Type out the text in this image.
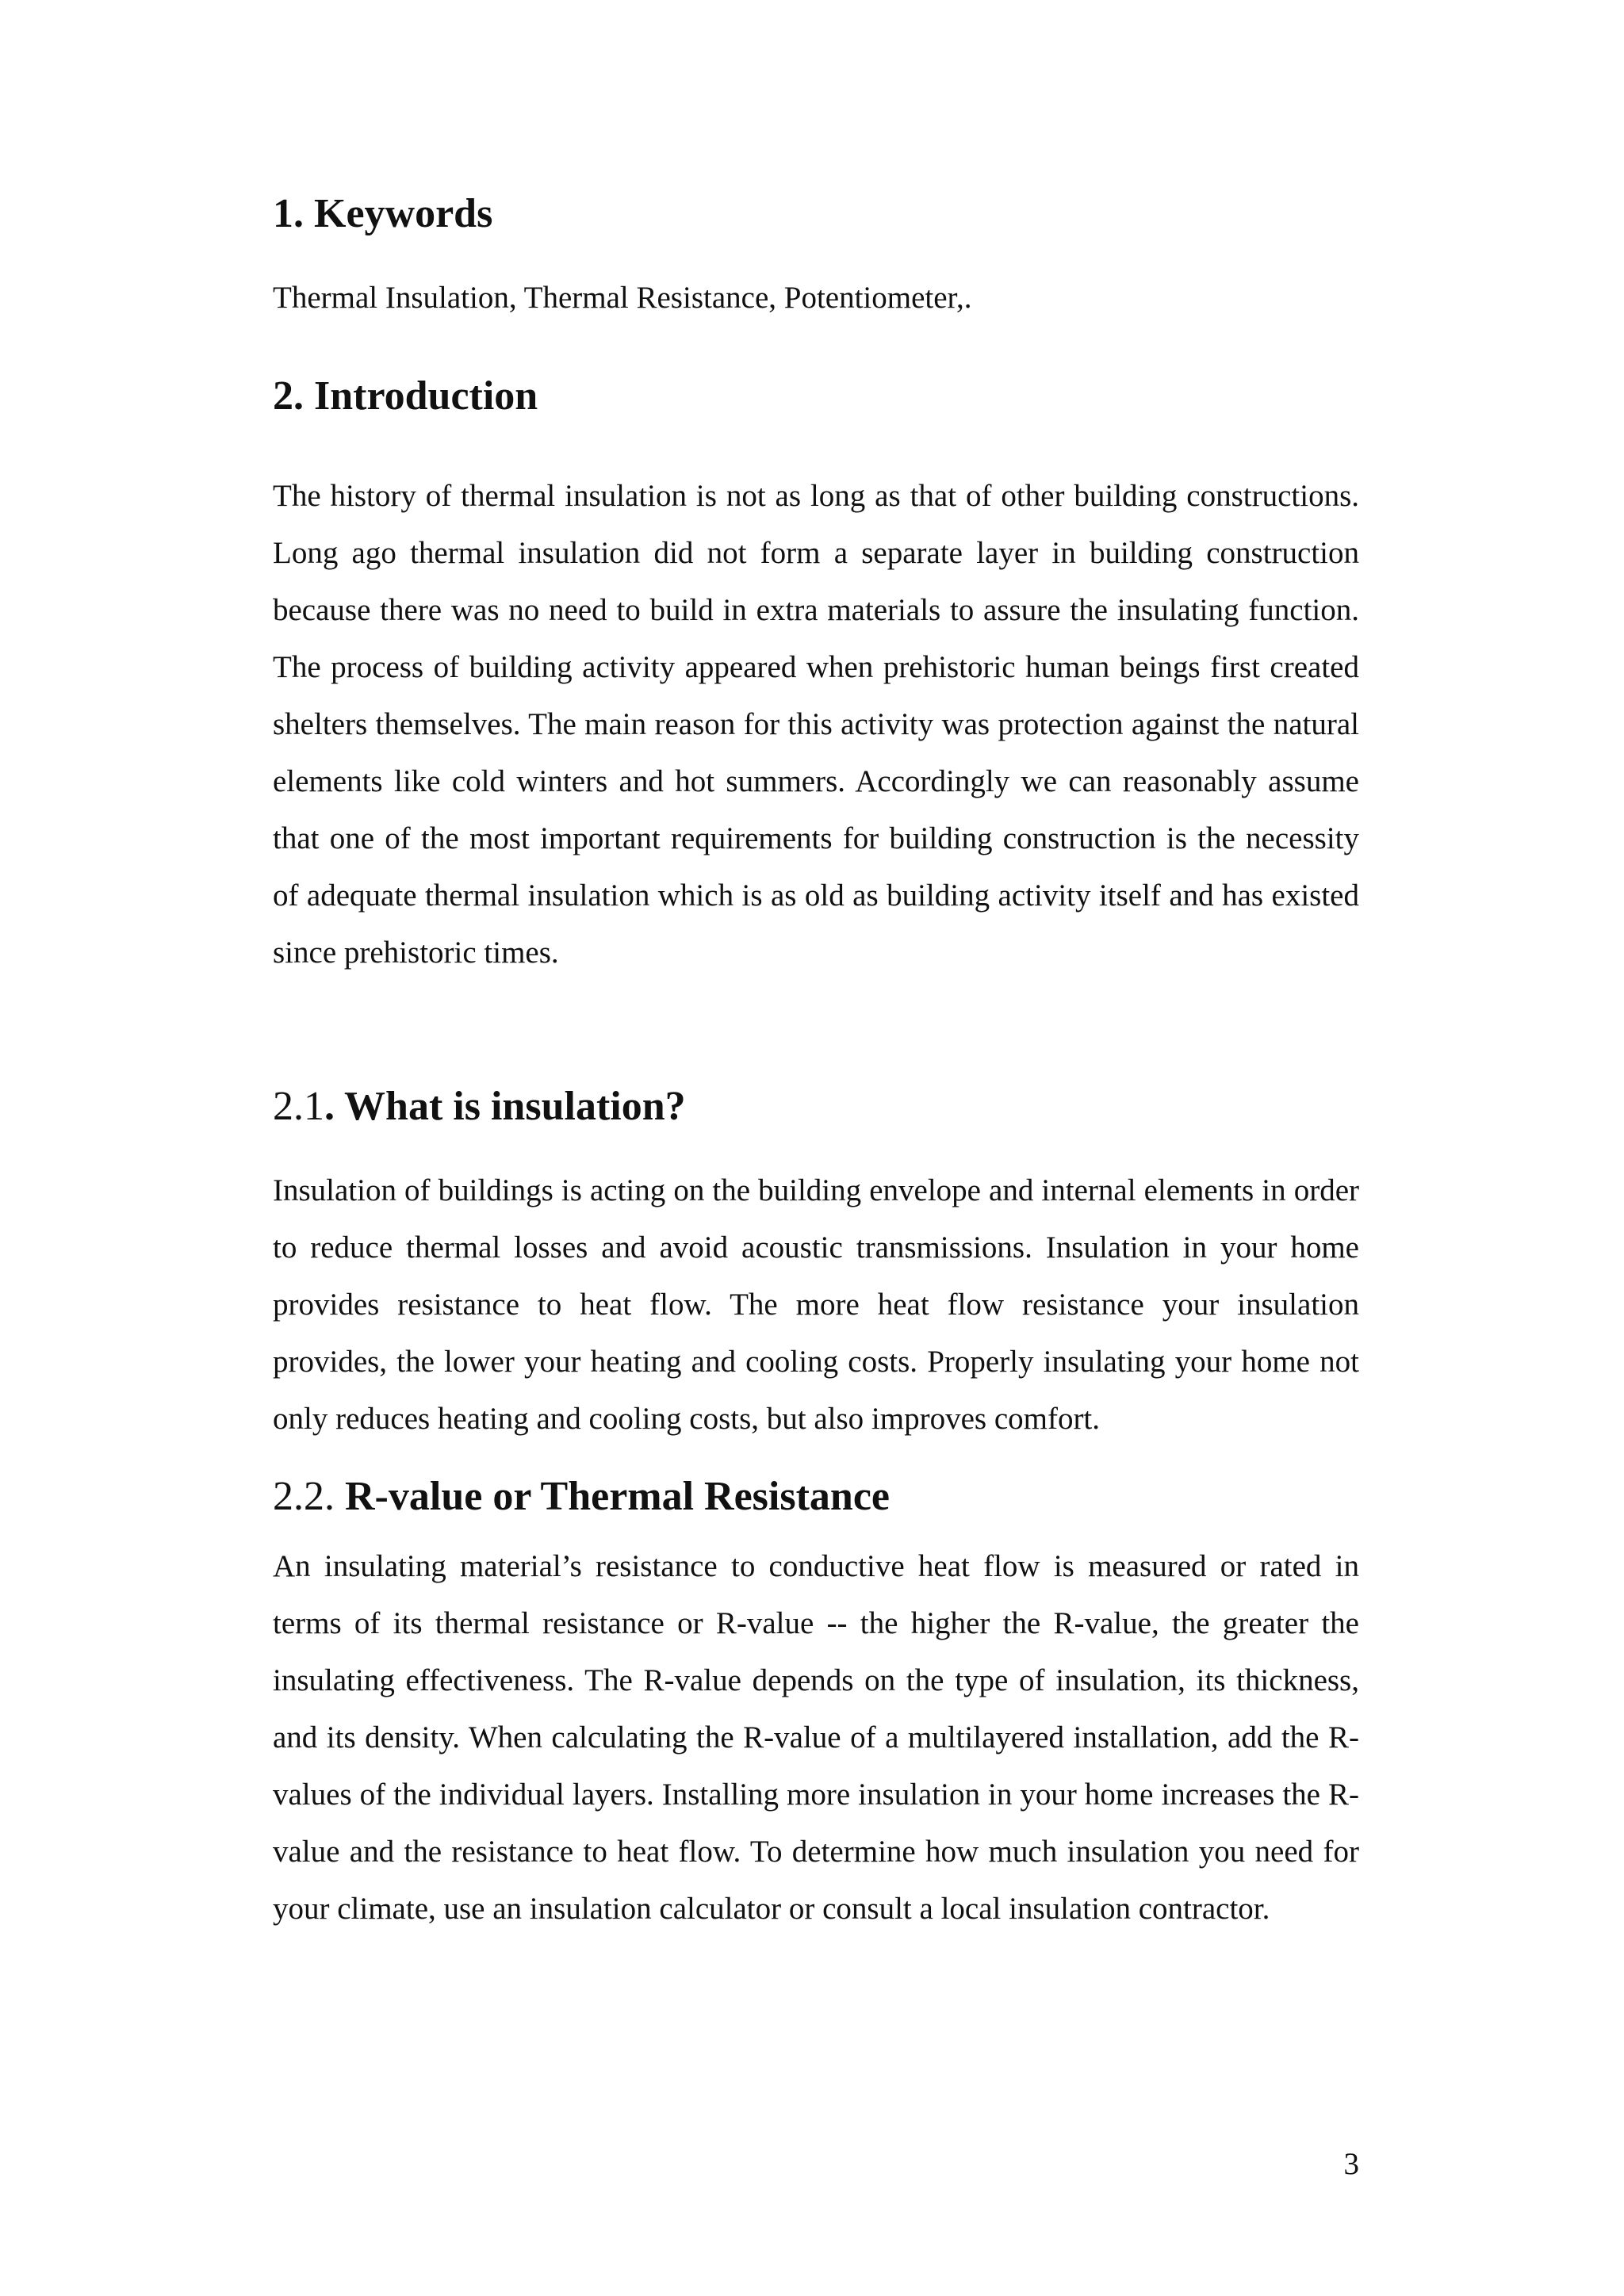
1. Keywords

Thermal Insulation, Thermal Resistance, Potentiometer,.

2. Introduction

The history of thermal insulation is not as long as that of other building constructions. Long ago thermal insulation did not form a separate layer in building construction because there was no need to build in extra materials to assure the insulating function. The process of building activity appeared when prehistoric human beings first created shelters themselves. The main reason for this activity was protection against the natural elements like cold winters and hot summers. Accordingly we can reasonably assume that one of the most important requirements for building construction is the necessity of adequate thermal insulation which is as old as building activity itself and has existed since prehistoric times.

2.1. What is insulation?

Insulation of buildings is acting on the building envelope and internal elements in order to reduce thermal losses and avoid acoustic transmissions. Insulation in your home provides resistance to heat flow. The more heat flow resistance your insulation provides, the lower your heating and cooling costs. Properly insulating your home not only reduces heating and cooling costs, but also improves comfort.

2.2. R-value or Thermal Resistance

An insulating material’s resistance to conductive heat flow is measured or rated in terms of its thermal resistance or R-value -- the higher the R-value, the greater the insulating effectiveness. The R-value depends on the type of insulation, its thickness, and its density. When calculating the R-value of a multilayered installation, add the R-values of the individual layers. Installing more insulation in your home increases the R-value and the resistance to heat flow. To determine how much insulation you need for your climate, use an insulation calculator or consult a local insulation contractor.

3
